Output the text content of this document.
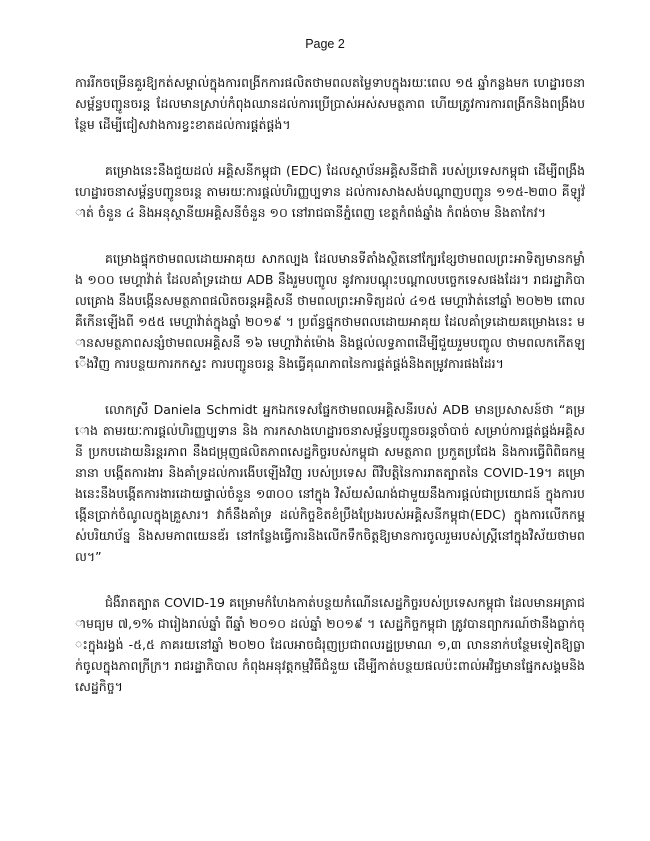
Page 2

ការរីកចម្រើនគួរឱ្យកត់សម្គាល់ក្នុងការពង្រីកការផលិតថាមពលតម្លៃទាបក្នុងរយៈពេល ១៥ ឆ្នាំកន្លងមក ហេដ្ឋារចនាសម្ព័ន្ធបញ្ជូនចរន្ត ដែលមានស្រាប់កំពុងឈានដល់ការប្រើប្រាស់អស់សមត្ថភាព ហើយត្រូវការការពង្រីកនិងពង្រឹងបន្ថែម ដើម្បីជៀសវាងការខ្វះខាតដល់ការផ្គត់ផ្គង់។

គម្រោងនេះនឹងជួយដល់ អគ្គិសនីកម្ពុជា (EDC) ដែលស្ថាប័នអគ្គិសនីជាតិ របស់ប្រទេសកម្ពុជា ដើម្បីពង្រឹងហេដ្ឋារចនាសម្ព័ន្ធបញ្ជូនចរន្ត តាមរយៈការផ្តល់ហិរញ្ញប្បទាន ដល់ការសាងសង់បណ្តាញបញ្ជូន ១១៥-២៣០ គីឡូវ៉ាត់ ចំនួន ៤ និងអនុស្ថានីយអគ្គិសនីចំនួន ១០ នៅរាជធានីភ្នំពេញ ខេត្តកំពង់ឆ្នាំង កំពង់ចាម និងតាកែវ។

គម្រោងផ្ទុកថាមពលដោយអាគុយ សាកល្បង ដែលមានទីតាំងស្ថិតនៅក្បែរខ្សែថាមពលព្រះអាទិត្យមានកម្លាំង ១០០ មេហ្គាវ៉ាត់ ដែលគាំទ្រដោយ ADB នឹងរួមបញ្ចូល នូវការបណ្តុះបណ្តាលបច្ចេកទេសផងដែរ។ រាជរដ្ឋាភិបាលគ្រោង នឹងបង្កើនសមត្ថភាពផលិតចរន្តអគ្គិសនី ថាមពលព្រះអាទិត្យដល់ ៤១៥ មេហ្គាវ៉ាត់នៅឆ្នាំ ២០២២ ពោលគឺកើនឡើងពី ១៥៥ មេហ្គាវ៉ាត់ក្នុងឆ្នាំ ២០១៩ ។ ប្រព័ន្ធផ្ទុកថាមពលដោយអាគុយ ដែលគាំទ្រដោយគម្រោងនេះ មានសមត្ថភាពសន្សំថាមពលអគ្គិសនី ១៦ មេហ្គាវ៉ាត់ម៉ោង និងផ្តល់លទ្ធភាពដើម្បីជួយរួមបញ្ចូល ថាមពលកកើតឡើងវិញ ការបន្ថយការកកស្ទះ ការបញ្ជូនចរន្ត និងធ្វើគុណភាពនៃការផ្គត់ផ្គង់និងតម្រូវការផងដែរ។

លោកស្រី Daniela Schmidt អ្នកឯកទេសផ្នែកថាមពលអគ្គិសនីរបស់ ADB មានប្រសាសន៍ថា “គម្រោង តាមរយៈការផ្តល់ហិរញ្ញប្បទាន និង ការកសាងហេដ្ឋារចនាសម្ព័ន្ធបញ្ជូនចរន្តចាំបាច់ សម្រាប់ការផ្គត់ផ្គង់អគ្គិសនី ប្រកបដោយនិរន្តរភាព នឹងជម្រុញផលិតភាពសេដ្ឋកិច្ចរបស់កម្ពុជា សមត្ថភាព ប្រកួតប្រជែង និងការធ្វើពិពិធកម្មនានា បង្កើតការងារ និងគាំទ្រដល់ការងើបឡើងវិញ របស់ប្រទេស ពីវិបត្តិនៃការរាតត្បាតនៃ COVID-19។ គម្រោងនេះនឹងបង្កើតការងារដោយផ្ទាល់ចំនួន ១៣០០ នៅក្នុង វិស័យសំណង់ជាមួយនឹងការផ្តល់ជាប្រយោជន៍ ក្នុងការបង្កើនប្រាក់ចំណូលក្នុងគ្រួសារ។ វាក៏នឹងគាំទ្រ ដល់កិច្ចខិតខំប្រឹងប្រែងរបស់អគ្គិសនីកម្ពុជា(EDC) ក្នុងការលើកកម្ពស់បរិយាប័ន្ន និងសមភាពយេនឌ័រ នៅកន្លែងធ្វើការនិងលើកទឹកចិត្តឱ្យមានការចូលរួមរបស់ស្ត្រីនៅក្នុងវិស័យថាមពល។”

ជំងឺរាតត្បាត COVID-19 គម្រោមកំហែងកាត់បន្ថយកំណើនសេដ្ឋកិច្ចរបស់ប្រទេសកម្ពុជា ដែលមានអត្រាជាមធ្យម ៧,១% ជារៀងរាល់ឆ្នាំ ពីឆ្នាំ ២០១០ ដល់ឆ្នាំ ២០១៩ ។ សេដ្ឋកិច្ចកម្ពុជា ត្រូវបានព្យាករណ៍ថានឹងធ្លាក់ចុះក្នុងរង្វង់ -៥,៥ ភាគរយនៅឆ្នាំ ២០២០ ដែលអាចជំរុញប្រជាពលរដ្ឋប្រមាណ ១,៣ លាននាក់បន្ថែមទៀតឱ្យធ្លាក់ចូលក្នុងភាពក្រីក្រ។ រាជរដ្ឋាភិបាល កំពុងអនុវត្តកម្មវិធីជំនួយ ដើម្បីកាត់បន្ថយផលប៉ះពាល់អវិជ្ជមានផ្នែកសង្គមនិងសេដ្ឋកិច្ច។
